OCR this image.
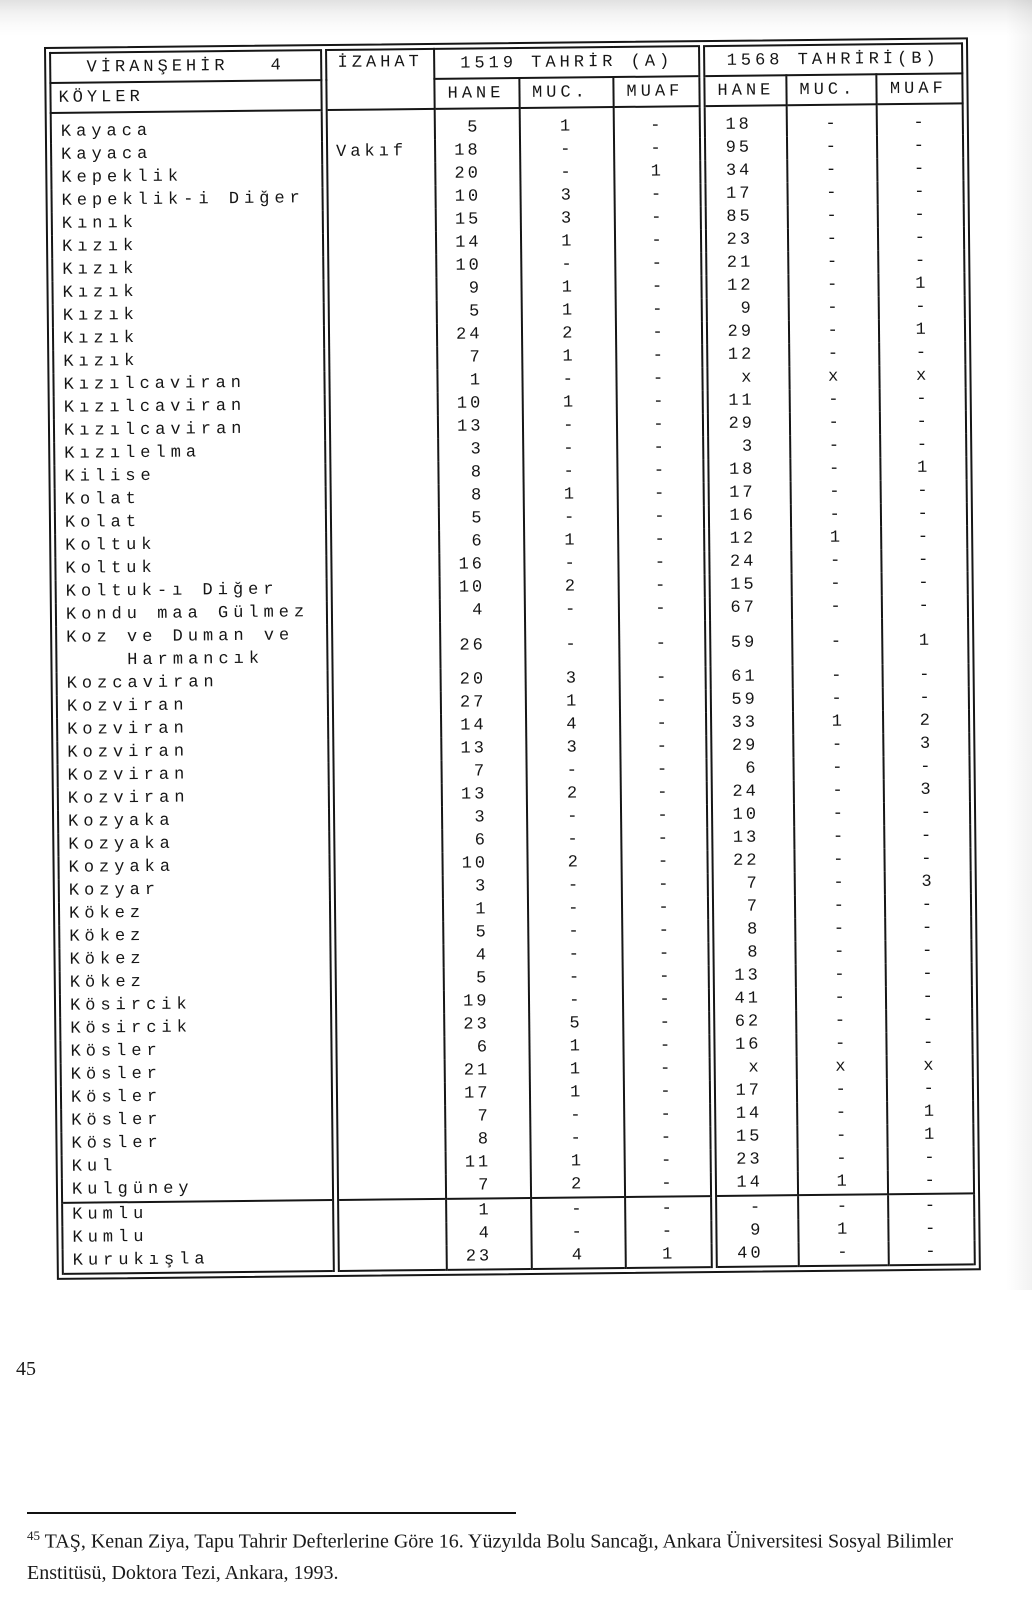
VİRANŞEHİR 4	İZAHAT	1519 TAHRİR (A)			1568 TAHRİRİ(B)		
KÖYLER		HANE	MUC.	MUAF	HANE	MUC.	MUAF
Kayaca		5	1	-	18	-	-
Kayaca	Vakıf	18	-	-	95	-	-
Kepeklik		20	-	1	34	-	-
Kepeklik-i Diğer		10	3	-	17	-	-
Kınık		15	3	-	85	-	-
Kızık		14	1	-	23	-	-
Kızık		10	-	-	21	-	-
Kızık		9	1	-	12	-	1
Kızık		5	1	-	9	-	-
Kızık		24	2	-	29	-	1
Kızık		7	1	-	12	-	-
Kızılcaviran		1	-	-	x	x	x
Kızılcaviran		10	1	-	11	-	-
Kızılcaviran		13	-	-	29	-	-
Kızılelma		3	-	-	3	-	-
Kilise		8	-	-	18	-	1
Kolat		8	1	-	17	-	-
Kolat		5	-	-	16	-	-
Koltuk		6	1	-	12	1	-
Koltuk		16	-	-	24	-	-
Koltuk-ı Diğer		10	2	-	15	-	-
Kondu maa Gülmez		4	-	-	67	-	-
Koz ve Duman ve
Harmancık		26	-	-	59	-	1
Kozcaviran		20	3	-	61	-	-
Kozviran		27	1	-	59	-	-
Kozviran		14	4	-	33	1	2
Kozviran		13	3	-	29	-	3
Kozviran		7	-	-	6	-	-
Kozviran		13	2	-	24	-	3
Kozyaka		3	-	-	10	-	-
Kozyaka		6	-	-	13	-	-
Kozyaka		10	2	-	22	-	-
Kozyar		3	-	-	7	-	3
Kökez		1	-	-	7	-	-
Kökez		5	-	-	8	-	-
Kökez		4	-	-	8	-	-
Kökez		5	-	-	13	-	-
Kösircik		19	-	-	41	-	-
Kösircik		23	5	-	62	-	-
Kösler		6	1	-	16	-	-
Kösler		21	1	-	x	x	x
Kösler		17	1	-	17	-	-
Kösler		7	-	-	14	-	1
Kösler		8	-	-	15	-	1
Kul		11	1	-	23	-	-
Kulgüney		7	2	-	14	1	-
Kumlu		1	-	-	-	-	-
Kumlu		4	-	-	9	1	-
Kurukışla		23	4	1	40	-	-
45
$^{45}$ TAŞ, Kenan Ziya, Tapu Tahrir Defterlerine Göre 16. Yüzyılda Bolu Sancağı, Ankara Üniversitesi Sosyal Bilimler Enstitüsü, Doktora Tezi, Ankara, 1993.
